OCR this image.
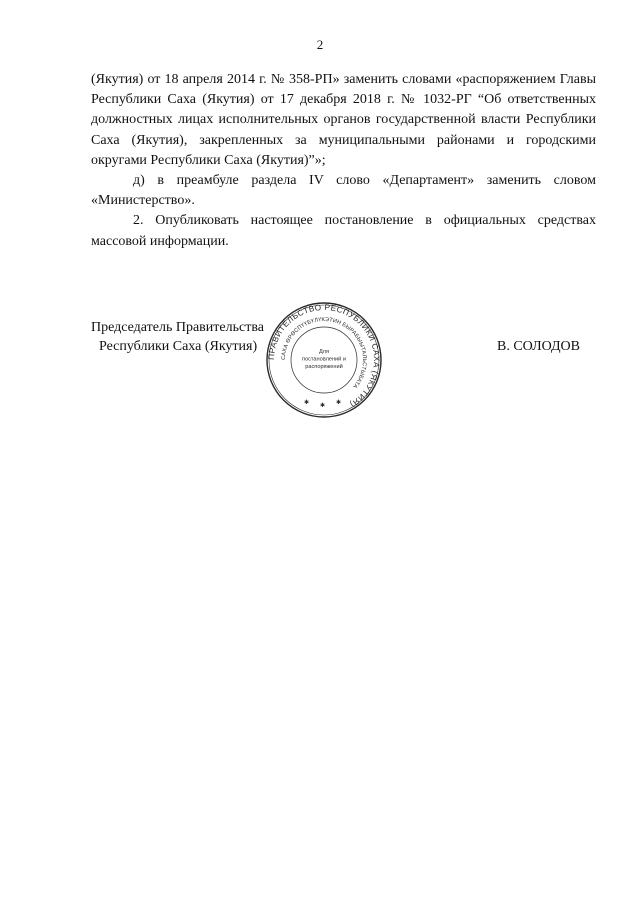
2

(Якутия) от 18 апреля 2014 г. № 358-РП» заменить словами «распоряжением Главы Республики Саха (Якутия) от 17 декабря 2018 г. № 1032-РГ “Об ответственных должностных лицах исполнительных органов государственной власти Республики Саха (Якутия), закрепленных за муниципальными районами и городскими округами Республики Саха (Якутия)”»;

д) в преамбуле раздела IV слово «Департамент» заменить словом «Министерство».

2. Опубликовать настоящее постановление в официальных средствах массовой информации.

Председатель Правительства
Республики Саха (Якутия)	В. СОЛОДОВ
ПРАВИТЕЛЬСТВО РЕСПУБЛИКИ САХА (ЯКУТИЯ)
САХА ӨРӨСПҮҮБҮЛҮКЭТИН БЫРАБЫЫТАЛЬСТЫБАТА
Для
постановлений и
распоряжений
✱ ✱ ✱
